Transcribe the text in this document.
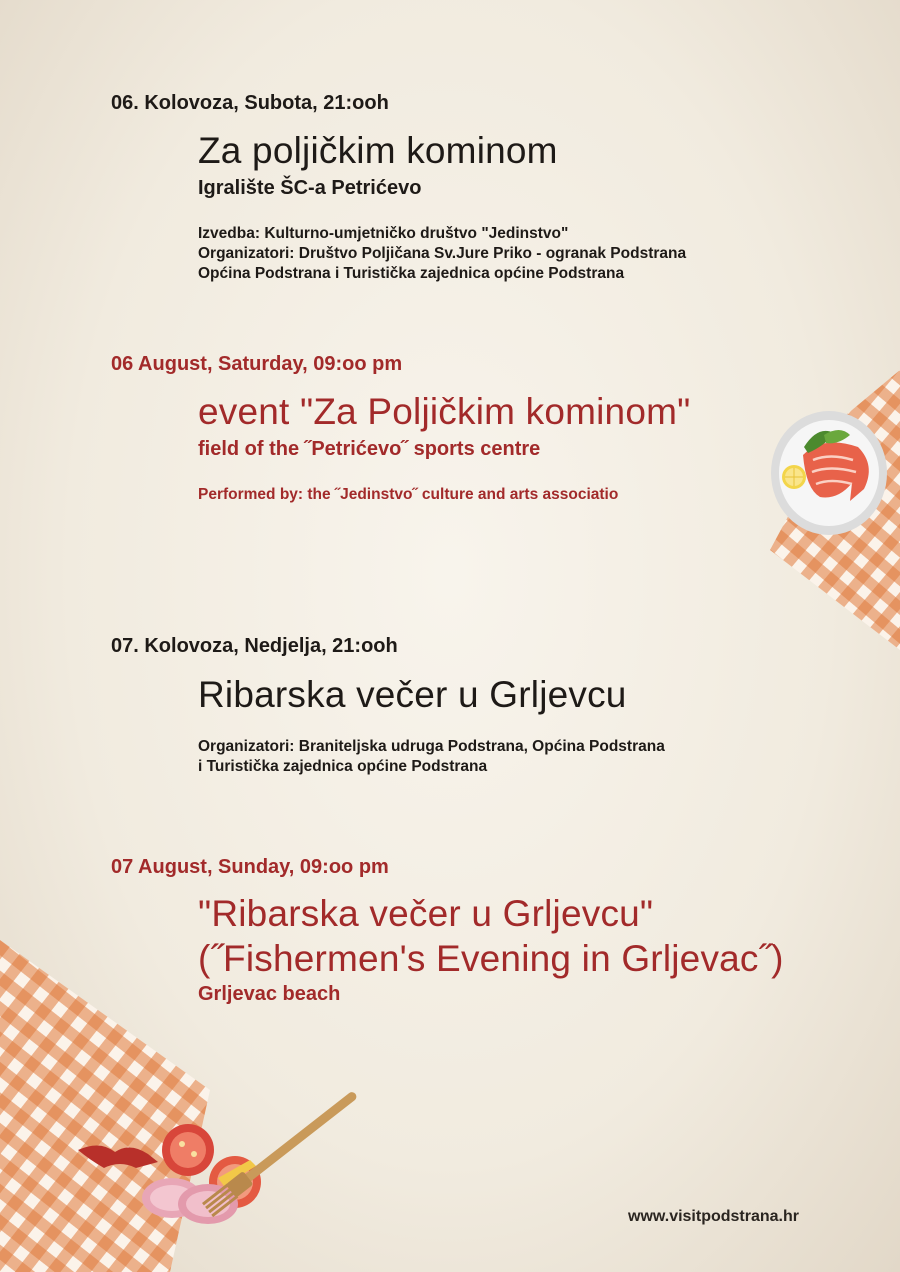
06. Kolovoza, Subota, 21:ooh

Za poljičkim kominom

Igralište ŠC-a Petrićevo

Izvedba: Kulturno-umjetničko društvo "Jedinstvo"
Organizatori: Društvo Poljičana Sv.Jure Priko - ogranak Podstrana
Općina Podstrana i Turistička zajednica općine Podstrana

06 August, Saturday, 09:oo pm

event "Za Poljičkim kominom"

field of the ˝Petrićevo˝ sports centre

Performed by: the ˝Jedinstvo˝ culture and arts associatio

07. Kolovoza, Nedjelja, 21:ooh

Ribarska večer u Grljevcu

Organizatori: Braniteljska udruga Podstrana, Općina Podstrana
i Turistička zajednica općine Podstrana

07 August, Sunday, 09:oo pm

"Ribarska večer u Grljevcu"
(˝Fishermen's Evening in Grljevac˝)

Grljevac beach

www.visitpodstrana.hr
